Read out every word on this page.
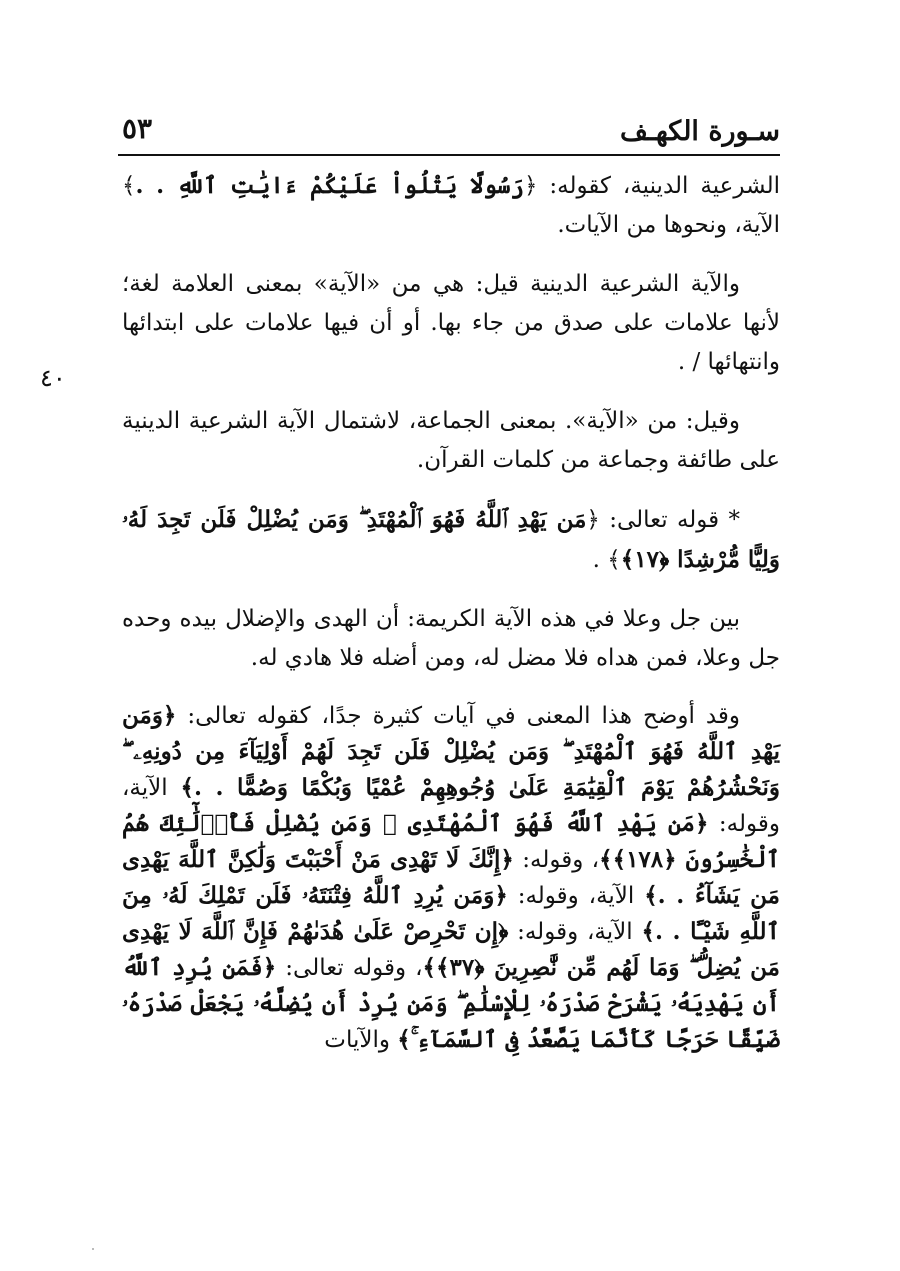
سـورة الكهـف
٥٣
٤٠

الشرعية الدينية، كقوله: ﴿رَسُولًا يَتْلُواْ عَلَيْكُمْ ءَايَٰتِ ٱللَّهِ . .﴾ الآية، ونحوها من الآيات.

والآية الشرعية الدينية قيل: هي من «الآية» بمعنى العلامة لغة؛ لأنها علامات على صدق من جاء بها. أو أن فيها علامات على ابتدائها وانتهائها / .

وقيل: من «الآية». بمعنى الجماعة، لاشتمال الآية الشرعية الدينية على طائفة وجماعة من كلمات القرآن.

* قوله تعالى: ﴿مَن يَهْدِ ٱللَّهُ فَهُوَ ٱلْمُهْتَدِ ۖ وَمَن يُضْلِلْ فَلَن تَجِدَ لَهُۥ وَلِيًّا مُّرْشِدًا ﴿١٧﴾﴾ .

بين جل وعلا في هذه الآية الكريمة: أن الهدى والإضلال بيده وحده جل وعلا، فمن هداه فلا مضل له، ومن أضله فلا هادي له.

وقد أوضح هذا المعنى في آيات كثيرة جدًا، كقوله تعالى: ﴿وَمَن يَهْدِ ٱللَّهُ فَهُوَ ٱلْمُهْتَدِ ۖ وَمَن يُضْلِلْ فَلَن تَجِدَ لَهُمْ أَوْلِيَآءَ مِن دُونِهِۦ ۖ وَنَحْشُرُهُمْ يَوْمَ ٱلْقِيَٰمَةِ عَلَىٰ وُجُوهِهِمْ عُمْيًا وَبُكْمًا وَصُمًّا . .﴾ الآية، وقوله: ﴿مَن يَهْدِ ٱللَّهُ فَهُوَ ٱلْمُهْتَدِى ۖ وَمَن يُضْلِلْ فَأُو۟لَٰٓئِكَ هُمُ ٱلْخَٰسِرُونَ ﴿١٧٨﴾﴾، وقوله: ﴿إِنَّكَ لَا تَهْدِى مَنْ أَحْبَبْتَ وَلَٰكِنَّ ٱللَّهَ يَهْدِى مَن يَشَآءُ . .﴾ الآية، وقوله: ﴿وَمَن يُرِدِ ٱللَّهُ فِتْنَتَهُۥ فَلَن تَمْلِكَ لَهُۥ مِنَ ٱللَّهِ شَيْـًٔا . .﴾ الآية، وقوله: ﴿إِن تَحْرِصْ عَلَىٰ هُدَىٰهُمْ فَإِنَّ ٱللَّهَ لَا يَهْدِى مَن يُضِلُّ ۖ وَمَا لَهُم مِّن نَّٰصِرِينَ ﴿٣٧﴾﴾، وقوله تعالى: ﴿فَمَن يُرِدِ ٱللَّهُ أَن يَهْدِيَهُۥ يَشْرَحْ صَدْرَهُۥ لِلْإِسْلَٰمِ ۖ وَمَن يُرِدْ أَن يُضِلَّهُۥ يَجْعَلْ صَدْرَهُۥ ضَيِّقًا حَرَجًا كَأَنَّمَا يَصَّعَّدُ فِى ٱلسَّمَآءِ ۚ﴾ والآيات
